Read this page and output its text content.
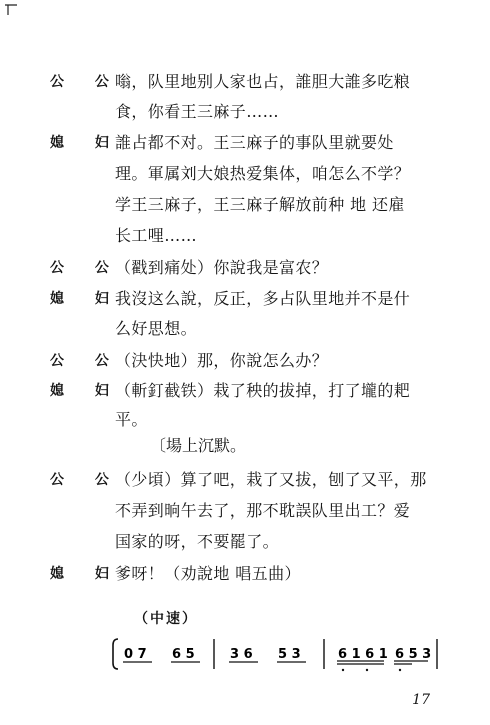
公 公
嗡，队里地别人家也占，誰胆大誰多吃粮
食，你看王三麻子……
媳 妇
誰占都不对。王三麻子的事队里就要处
理。軍属刘大娘热爱集体，咱怎么不学？
学王三麻子，王三麻子解放前种 地 还雇
长工哩……
公 公
（戳到痛处）你說我是富农？
媳 妇
我沒这么說，反正，多占队里地并不是什
么好思想。
公 公
（決快地）那，你說怎么办？
媳 妇
（斬釘截铁）栽了秧的拔掉，打了壠的耙
平。
〔場上沉默。
公 公
（少頃）算了吧，栽了又拔，刨了又平，那
不弄到晌午去了，那不耽誤队里出工？爱
国家的呀，不要罷了。
媳 妇
爹呀！（劝說地 唱五曲）
（中速）
0 7 6 5	3 6 5 3	6 1 6 1 6 5 3
17
